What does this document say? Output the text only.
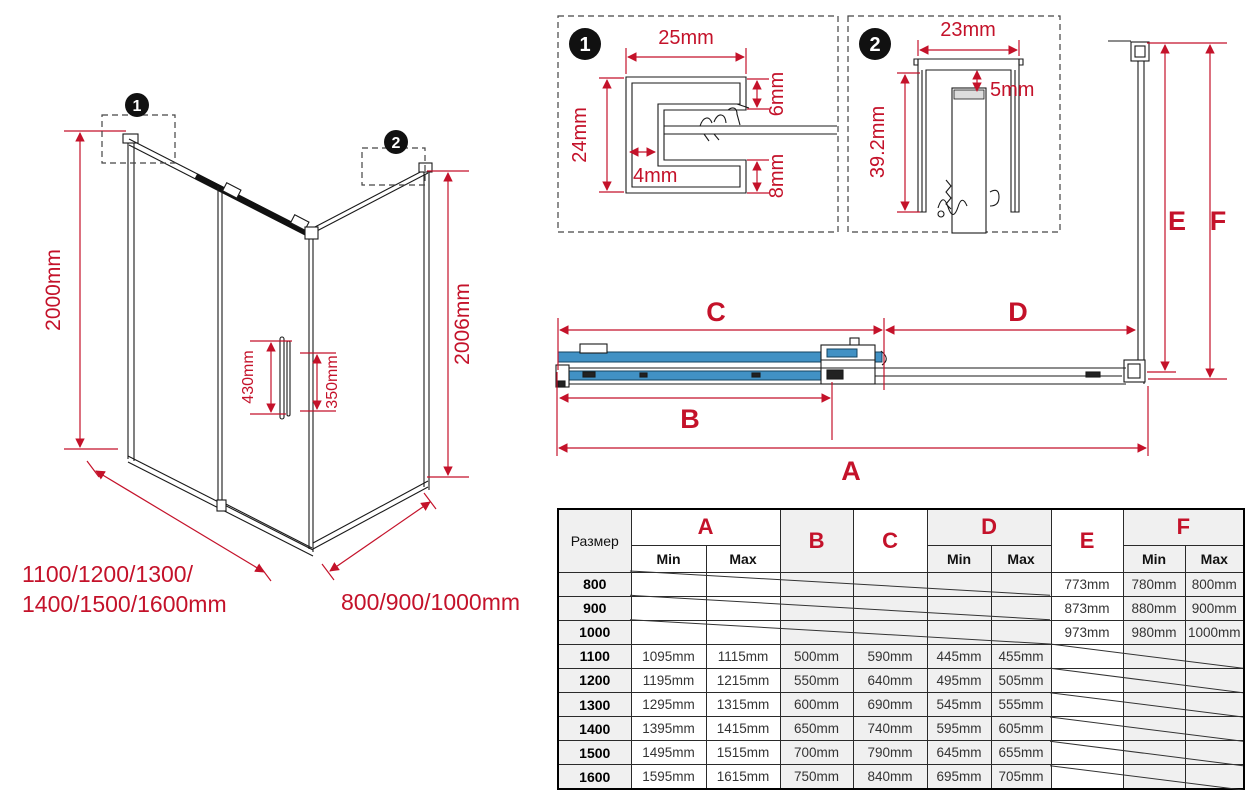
2000mm	2006mm
430mm	350mm
1100/1200/1300/
1400/1500/1600mm	800/900/1000mm
1
2
1	25mm
24mm
4mm
6mm
8mm
2
23mm
5mm
39.2mm
E F
C	D
B
A
Размер	A		B	C	D		E	F	
	Min	Max			Min	Max		Min	Max
800							773mm	780mm	800mm
900							873mm	880mm	900mm
1000							973mm	980mm	1000mm
1100	1095mm	1115mm	500mm	590mm	445mm	455mm			
1200	1195mm	1215mm	550mm	640mm	495mm	505mm			
1300	1295mm	1315mm	600mm	690mm	545mm	555mm			
1400	1395mm	1415mm	650mm	740mm	595mm	605mm			
1500	1495mm	1515mm	700mm	790mm	645mm	655mm			
1600	1595mm	1615mm	750mm	840mm	695mm	705mm			
